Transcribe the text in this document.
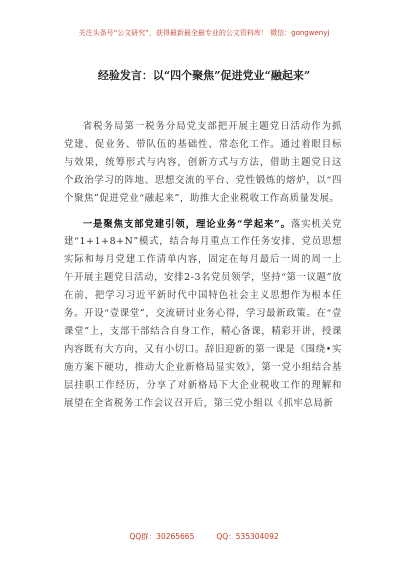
关注头条号“公文研究”，获得最新最全最专业的公文资料库！ 微信：gongwenyj
经验发言：以“四个聚焦”促进党业“融起来”

省税务局第一税务分局党支部把开展主题党日活动作为抓党建、促业务、带队伍的基础性、常态化工作。通过着眼目标与效果，统筹形式与内容，创新方式与方法，借助主题党日这个政治学习的阵地、思想交流的平台、党性锻炼的熔炉，以“四个聚焦”促进党业“融起来”，助推大企业税收工作高质量发展。

一是聚焦支部党建引领，理论业务“学起来”。落实机关党建“1+1+8+N”模式，结合每月重点工作任务安排、党员思想实际和每月党建工作清单内容，固定在每月最后一周的周一上午开展主题党日活动，安排2-3名党员领学，坚持“第一议题”放在前，把学习习近平新时代中国特色社会主义思想作为根本任务。开设“壹课堂”，交流研讨业务心得，学习最新政策。在“壹课堂”上，支部干部结合自身工作，精心备课，精彩开讲，授课内容既有大方向，又有小切口。辞旧迎新的第一课是《围绕•实施方案下硬功，推动大企业新格局显实效》，第一党小组结合基层挂职工作经历，分享了对新格局下大企业税收工作的理解和展望在全省税务工作会议召开后，第三党小组以《抓牢总局新

QQ群：30265665	QQ：535304092
